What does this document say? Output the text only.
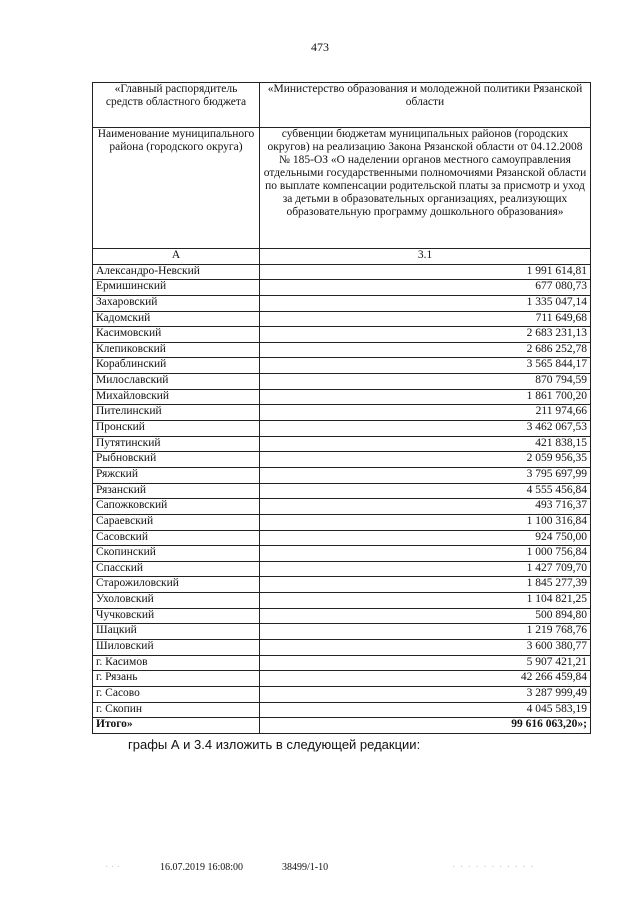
473
«Главный распорядитель средств областного бюджета	«Министерство образования и молодежной политики Рязанской области
Наименование муниципального района (городского округа)	субвенции бюджетам муниципальных районов (городских округов) на реализацию Закона Рязанской области от 04.12.2008 № 185-ОЗ «О наделении органов местного самоуправления отдельными государственными полномочиями Рязанской области по выплате компенсации родительской платы за присмотр и уход за детьми в образовательных организациях, реализующих образовательную программу дошкольного образования»
А	3.1
Александро-Невский	1 991 614,81
Ермишинский	677 080,73
Захаровский	1 335 047,14
Кадомский	711 649,68
Касимовский	2 683 231,13
Клепиковский	2 686 252,78
Кораблинский	3 565 844,17
Милославский	870 794,59
Михайловский	1 861 700,20
Пителинский	211 974,66
Пронский	3 462 067,53
Путятинский	421 838,15
Рыбновский	2 059 956,35
Ряжский	3 795 697,99
Рязанский	4 555 456,84
Сапожковский	493 716,37
Сараевский	1 100 316,84
Сасовский	924 750,00
Скопинский	1 000 756,84
Спасский	1 427 709,70
Старожиловский	1 845 277,39
Ухоловский	1 104 821,25
Чучковский	500 894,80
Шацкий	1 219 768,76
Шиловский	3 600 380,77
г. Касимов	5 907 421,21
г. Рязань	42 266 459,84
г. Сасово	3 287 999,49
г. Скопин	4 045 583,19
Итого»	99 616 063,20»;
графы А и 3.4 изложить в следующей редакции:
· · ·	16.07.2019 16:08:00	38499/1-10	· · · · · · · · · · ·
